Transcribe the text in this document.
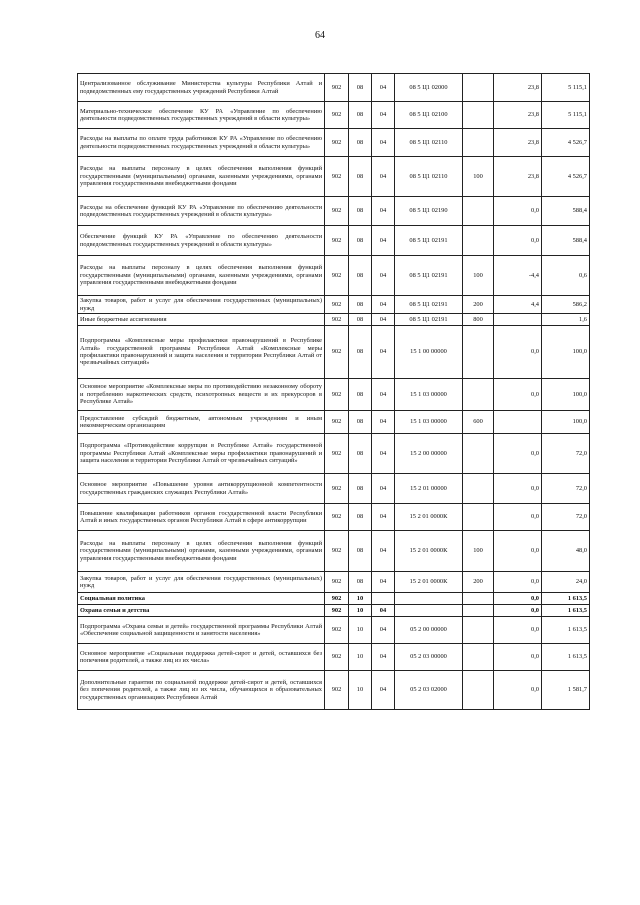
64
Централизованное обслуживание Министерства культуры Республики Алтай и подведомственных ему государственных учреждений Республики Алтай	902	08	04	08 5 Ц1 02000		23,8	5 115,1
Материально-техническое обеспечение КУ РА «Управление по обеспечению деятельности подведомственных государственных учреждений в области культуры»	902	08	04	08 5 Ц1 02100		23,8	5 115,1
Расходы на выплаты по оплате труда работников КУ РА «Управление по обеспечению деятельности подведомственных государственных учреждений в области культуры»	902	08	04	08 5 Ц1 02110		23,8	4 526,7
Расходы на выплаты персоналу в целях обеспечения выполнения функций государственными (муниципальными) органами, казенными учреждениями, органами управления государственными внебюджетными фондами	902	08	04	08 5 Ц1 02110	100	23,8	4 526,7
Расходы на обеспечение функций КУ РА «Управление по обеспечению деятельности подведомственных государственных учреждений в области культуры»	902	08	04	08 5 Ц1 02190		0,0	588,4
Обеспечение функций КУ РА «Управление по обеспечению деятельности подведомственных государственных учреждений в области культуры»	902	08	04	08 5 Ц1 02191		0,0	588,4
Расходы на выплаты персоналу в целях обеспечения выполнения функций государственными (муниципальными) органами, казенными учреждениями, органами управления государственными внебюджетными фондами	902	08	04	08 5 Ц1 02191	100	-4,4	0,6
Закупка товаров, работ и услуг для обеспечения государственных (муниципальных) нужд	902	08	04	08 5 Ц1 02191	200	4,4	586,2
Иные бюджетные ассигнования	902	08	04	08 5 Ц1 02191	800		1,6
Подпрограмма «Комплексные меры профилактики правонарушений в Республике Алтай» государственной программы Республики Алтай «Комплексные меры профилактики правонарушений и защита населения и территории Республики Алтай от чрезвычайных ситуаций»	902	08	04	15 1 00 00000		0,0	100,0
Основное мероприятие «Комплексные меры по противодействию незаконному обороту и потреблению наркотических средств, психотропных веществ и их прекурсоров в Республике Алтай»	902	08	04	15 1 03 00000		0,0	100,0
Предоставление субсидий бюджетным, автономным учреждениям и иным некоммерческим организациям	902	08	04	15 1 03 00000	600		100,0
Подпрограмма «Противодействие коррупции в Республике Алтай» государственной программы Республики Алтай «Комплексные меры профилактики правонарушений и защита населения и территории Республики Алтай от чрезвычайных ситуаций»	902	08	04	15 2 00 00000		0,0	72,0
Основное мероприятие «Повышение уровня антикоррупционной компетентности государственных гражданских служащих Республики Алтай»	902	08	04	15 2 01 00000		0,0	72,0
Повышение квалификации работников органов государственной власти Республики Алтай и иных государственных органов Республики Алтай в сфере антикоррупции	902	08	04	15 2 01 0000К		0,0	72,0
Расходы на выплаты персоналу в целях обеспечения выполнения функций государственными (муниципальными) органами, казенными учреждениями, органами управления государственными внебюджетными фондами	902	08	04	15 2 01 0000К	100	0,0	48,0
Закупка товаров, работ и услуг для обеспечения государственных (муниципальных) нужд	902	08	04	15 2 01 0000К	200	0,0	24,0
Социальная политика	902	10				0,0	1 613,5
Охрана семьи и детства	902	10	04			0,0	1 613,5
Подпрограмма «Охрана семьи и детей» государственной программы Республики Алтай «Обеспечение социальной защищенности и занятости населения»	902	10	04	05 2 00 00000		0,0	1 613,5
Основное мероприятие «Социальная поддержка детей-сирот и детей, оставшихся без попечения родителей, а также лиц из их числа»	902	10	04	05 2 03 00000		0,0	1 613,5
Дополнительные гарантии по социальной поддержке детей-сирот и детей, оставшихся без попечения родителей, а также лиц из их числа, обучающихся в образовательных государственных организациях Республики Алтай	902	10	04	05 2 03 02000		0,0	1 581,7
